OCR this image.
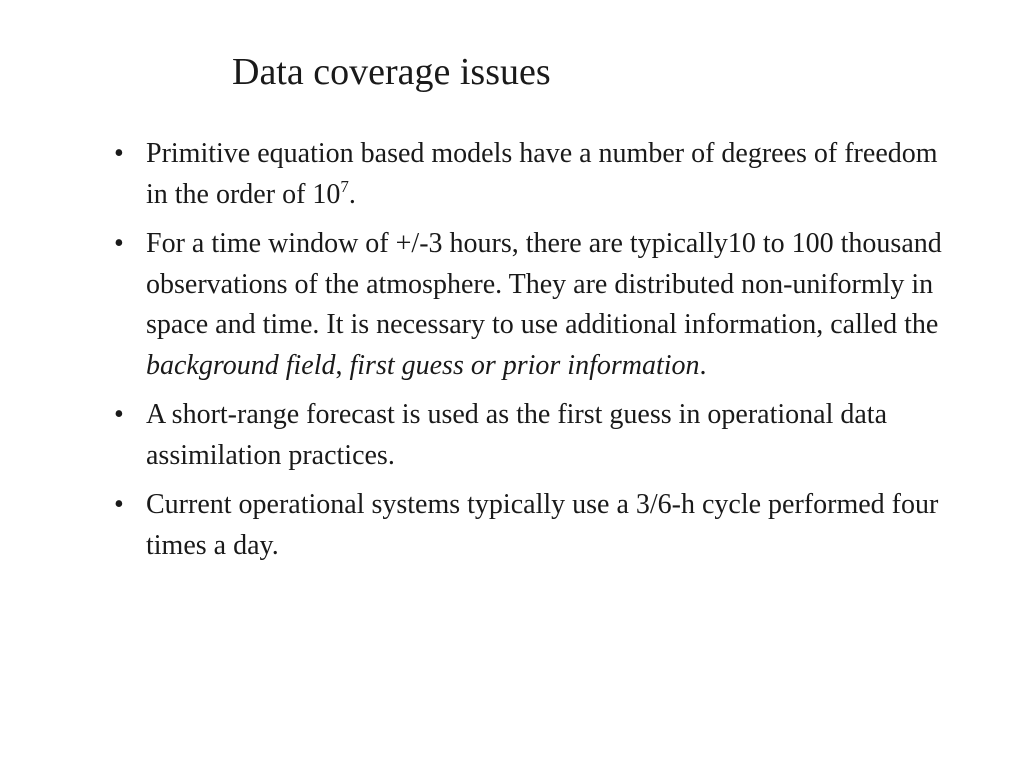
Data coverage issues
• Primitive equation based models have a number of degrees of freedom in the order of $10^7$.
• For a time window of +/-3 hours, there are typically10 to 100 thousand observations of the atmosphere. They are distributed non-uniformly in space and time. It is necessary to use additional information, called the background field, first guess or prior information.
• A short-range forecast is used as the first guess in operational data assimilation practices.
• Current operational systems typically use a 3/6-h cycle performed four times a day.
